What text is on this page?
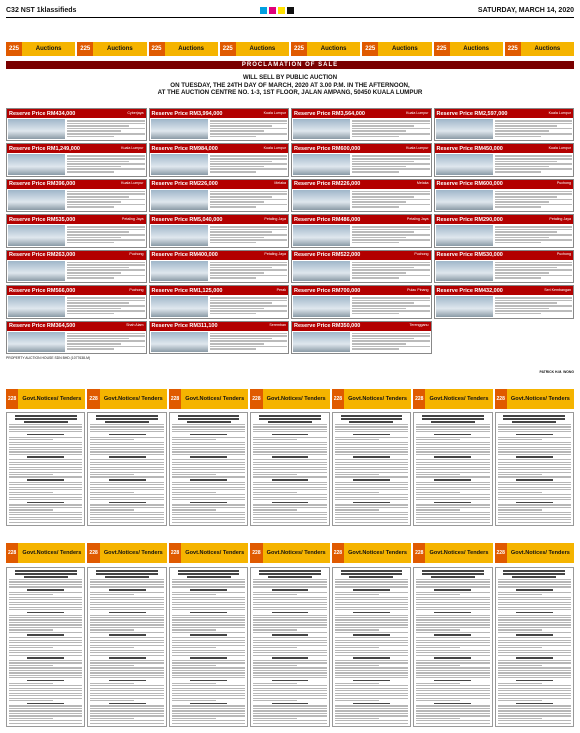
C32 NST 1klassifieds	SATURDAY, MARCH 14, 2020
225	Auctions	225	Auctions	225	Auctions	225	Auctions	225	Auctions	225	Auctions	225	Auctions	225	Auctions
PROCLAMATION OF SALE
WILL SELL BY PUBLIC AUCTION
ON TUESDAY, THE 24TH DAY OF MARCH, 2020 AT 3.00 P.M. IN THE AFTERNOON,
AT THE AUCTION CENTRE NO. 1-3, 1ST FLOOR, JALAN AMPANG, 50450 KUALA LUMPUR
Reserve Price RM434,000	Cyberjaya Reserve Price RM3,994,000	Kuala Lumpur Reserve Price RM3,564,000	Kuala Lumpur Reserve Price RM2,597,000	Kuala Lumpur
Reserve Price RM1,249,000	Kuala Lumpur Reserve Price RM984,000	Kuala Lumpur Reserve Price RM600,000	Kuala Lumpur Reserve Price RM450,000	Kuala Lumpur
Reserve Price RM396,000	Kuala Lumpur Reserve Price RM226,000	Melaka Reserve Price RM226,000	Melaka Reserve Price RM600,000	Puchong
Reserve Price RM535,000	Petaling Jaya Reserve Price RM5,040,000	Petaling Jaya Reserve Price RM486,000	Petaling Jaya Reserve Price RM290,000	Petaling Jaya
Reserve Price RM263,000	Puchong Reserve Price RM400,000	Petaling Jaya Reserve Price RM522,000	Puchong Reserve Price RM530,000	Puchong
Reserve Price RM566,000	Puchong Reserve Price RM1,125,000	Perak Reserve Price RM700,000	Pulau Pinang Reserve Price RM432,000	Seri Kembangan
Reserve Price RM364,500	Shah Alam Reserve Price RM311,100	Seremban Reserve Price RM350,000	Terengganu
PROPERTY AUCTION HOUSE SDN BHD (1077638-M)
PATRICK H.M. WONG
228	Govt.Notices/ Tenders	228	Govt.Notices/ Tenders	228	Govt.Notices/ Tenders	228	Govt.Notices/ Tenders	228	Govt.Notices/ Tenders	228	Govt.Notices/ Tenders	228	Govt.Notices/ Tenders
228	Govt.Notices/ Tenders	228	Govt.Notices/ Tenders	228	Govt.Notices/ Tenders	228	Govt.Notices/ Tenders	228	Govt.Notices/ Tenders	228	Govt.Notices/ Tenders	228	Govt.Notices/ Tenders
